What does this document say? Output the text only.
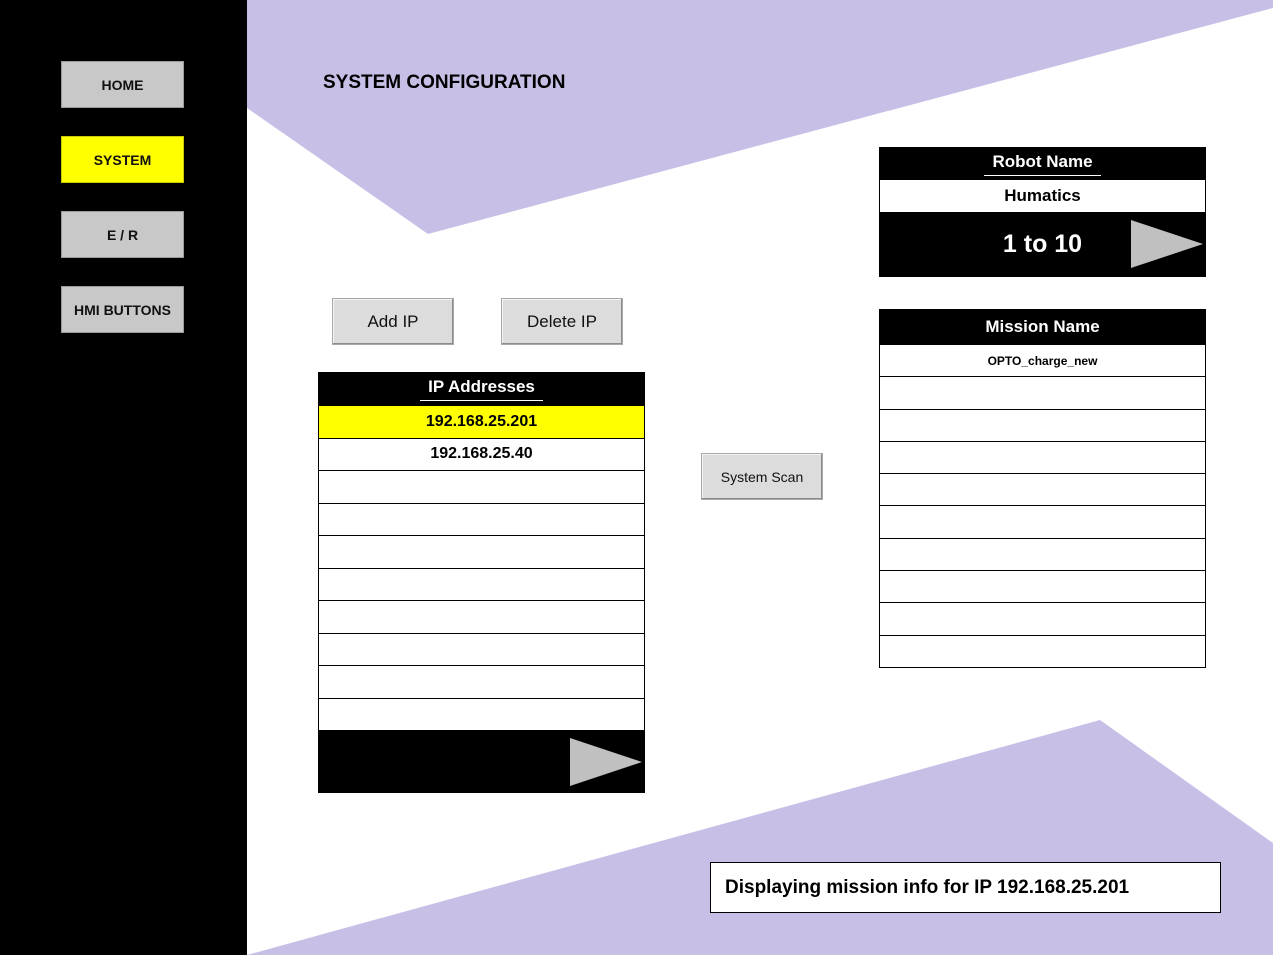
HOME
SYSTEM
E / R
HMI BUTTONS
SYSTEM CONFIGURATION
Add IP	Delete IP
IP Addresses
192.168.25.201
192.168.25.40
System Scan
Robot Name
Humatics
1 to 10
Mission Name
OPTO_charge_new
Displaying mission info for IP 192.168.25.201
